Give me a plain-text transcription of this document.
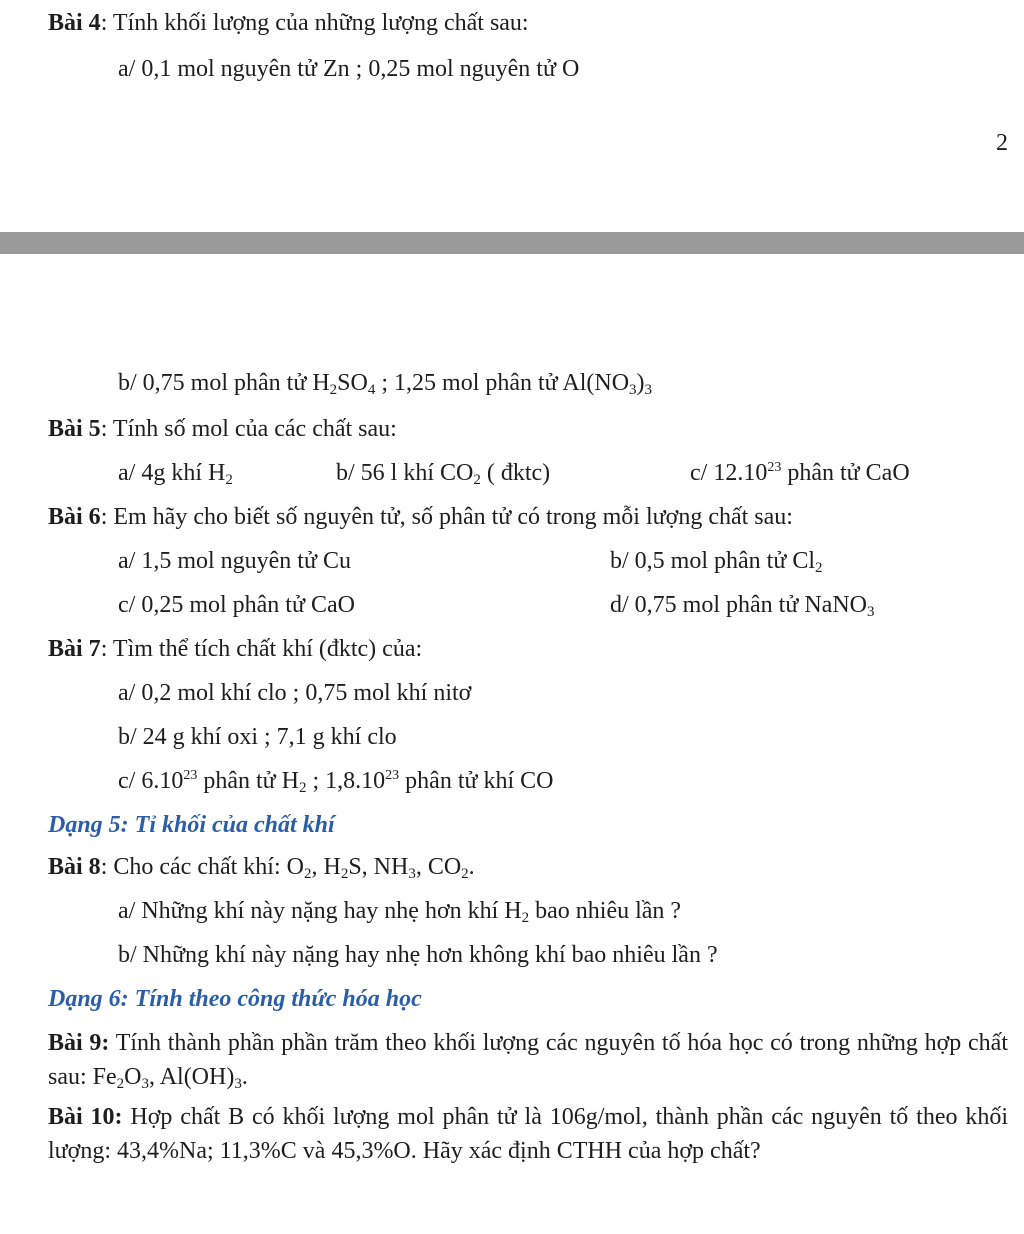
Bài 4: Tính khối lượng của những lượng chất sau:
a/ 0,1 mol nguyên tử Zn ; 0,25 mol nguyên tử O
2
b/ 0,75 mol phân tử $H_2SO_4$ ; 1,25 mol phân tử $Al(NO_3)_3$
Bài 5: Tính số mol của các chất sau:
a/ 4g khí $H_2$	b/ 56 l khí $CO_2$ ( đktc)	c/ 12.10$^{23}$ phân tử CaO
Bài 6: Em hãy cho biết số nguyên tử, số phân tử có trong mỗi lượng chất sau:
a/ 1,5 mol nguyên tử Cu	b/ 0,5 mol phân tử $Cl_2$
c/ 0,25 mol phân tử CaO	d/ 0,75 mol phân tử NaNO$_3$
Bài 7: Tìm thể tích chất khí (đktc) của:
a/ 0,2 mol khí clo ; 0,75 mol khí nitơ
b/ 24 g khí oxi ; 7,1 g khí clo
c/ 6.10$^{23}$ phân tử $H_2$ ; 1,8.10$^{23}$ phân tử khí CO
Dạng 5: Tỉ khối của chất khí
Bài 8: Cho các chất khí: $O_2$, $H_2S$, $NH_3$, $CO_2$.
a/ Những khí này nặng hay nhẹ hơn khí $H_2$ bao nhiêu lần ?
b/ Những khí này nặng hay nhẹ hơn không khí bao nhiêu lần ?
Dạng 6: Tính theo công thức hóa học
Bài 9: Tính thành phần phần trăm theo khối lượng các nguyên tố hóa học có trong những hợp chất sau: $Fe_2O_3$, $Al(OH)_3$.
Bài 10: Hợp chất B có khối lượng mol phân tử là 106g/mol, thành phần các nguyên tố theo khối lượng: 43,4%Na; 11,3%C và 45,3%O. Hãy xác định CTHH của hợp chất?
